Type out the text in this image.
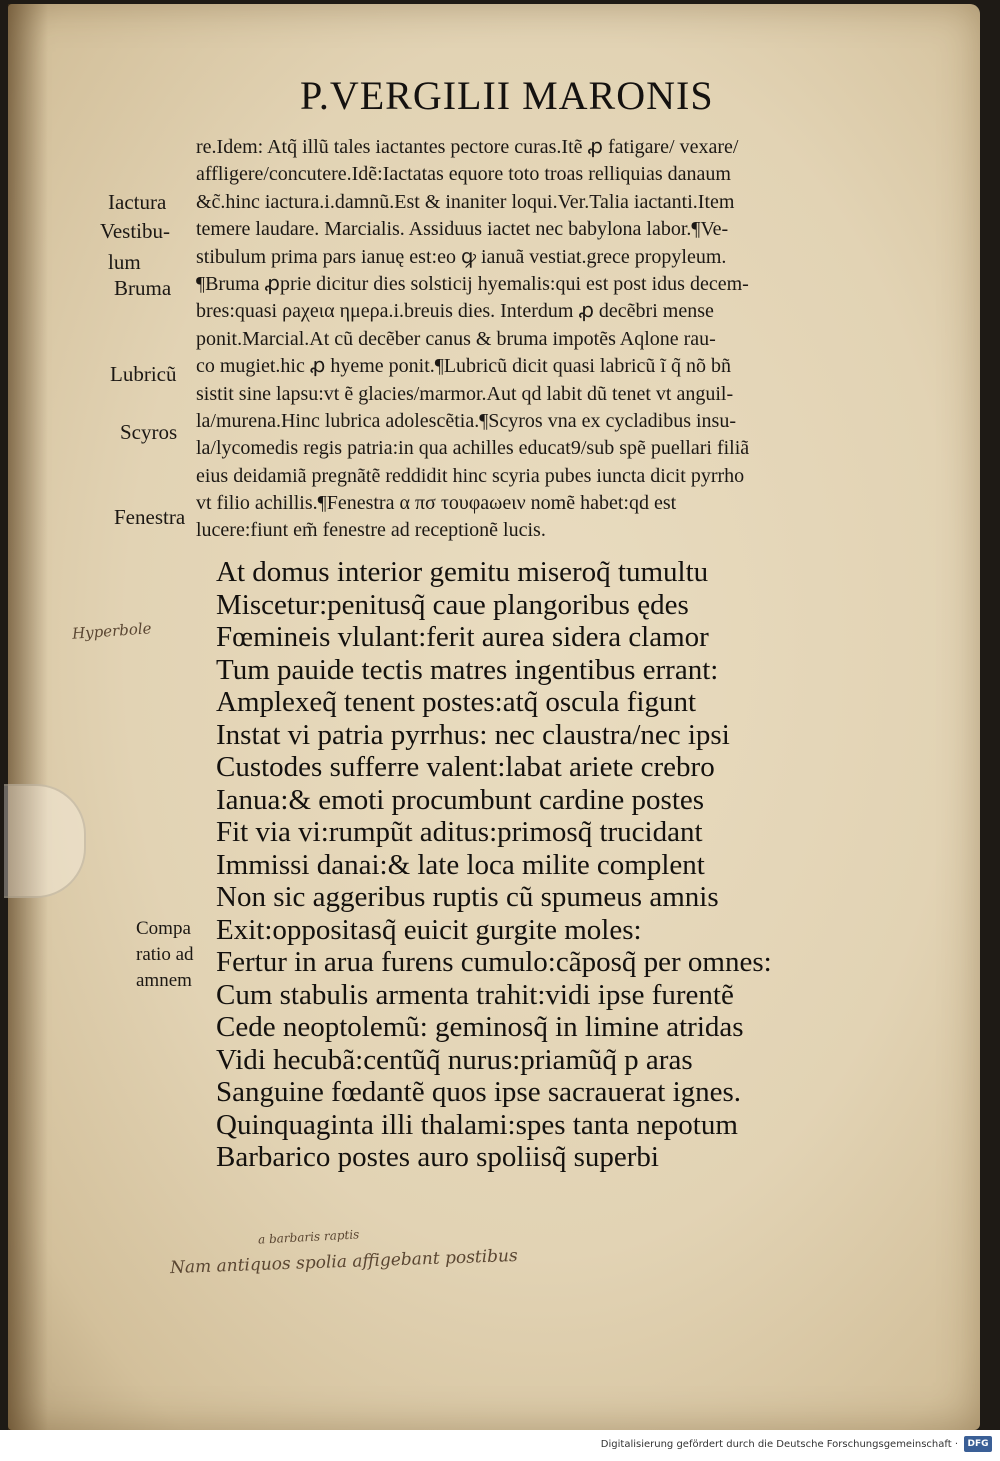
P.VERGILII MARONIS
re.Idem: Atq̃ illũ tales iactantes pectore curas.Itẽ ꝓ fatigare/ vexare/
affligere/concutere.Idẽ:Iactatas equore toto troas relliquias danaum
&c̃.hinc iactura.i.damnũ.Est & inaniter loqui.Ver.Talia iactanti.Item
temere laudare. Marcialis. Assiduus iactet nec babylona labor.¶Ve-
stibulum prima pars ianuę est:eo ꝙ ianuã vestiat.grece propyleum.
¶Bruma ꝓprie dicitur dies solsticij hyemalis:qui est post idus decem-
bres:quasi ρaχeια ημeρa.i.breuis dies. Interdum ꝓ decẽbri mense
ponit.Marcial.At cũ decẽber canus & bruma impotẽs Aqlone rau-
co mugiet.hic ꝓ hyeme ponit.¶Lubricũ dicit quasi labricũ ĩ q̃ nõ bñ
sistit sine lapsu:vt ẽ glacies/marmor.Aut qd labit dũ tenet vt anguil-
la/murena.Hinc lubrica adolescẽtia.¶Scyros vna ex cycladibus insu-
la/lycomedis regis patria:in qua achilles educat9/sub spẽ puellari filiã
eius deidamiã pregnãtẽ reddidit hinc scyria pubes iuncta dicit pyrrho
vt filio achillis.¶Fenestra α πσ τουφaωeιν nomẽ habet:qd est
lucere:fiunt em̃ fenestre ad receptionẽ lucis.
Iactura
Vestibu-
lum
Bruma
Lubricũ
Scyros
Fenestra
At domus interior gemitu miseroq̃ tumultu
Miscetur:penitusq̃ caue plangoribus ędes
Fœmineis vlulant:ferit aurea sidera clamor
Tum pauide tectis matres ingentibus errant:
Amplexeq̃ tenent postes:atq̃ oscula figunt
Instat vi patria pyrrhus: nec claustra/nec ipsi
Custodes sufferre valent:labat ariete crebro
Ianua:& emoti procumbunt cardine postes
Fit via vi:rumpũt aditus:primosq̃ trucidant
Immissi danai:& late loca milite complent
Non sic aggeribus ruptis cũ spumeus amnis
Exit:oppositasq̃ euicit gurgite moles:
Fertur in arua furens cumulo:cãposq̃ per omnes:
Cum stabulis armenta trahit:vidi ipse furentẽ
Cede neoptolemũ: geminosq̃ in limine atridas
Vidi hecubã:centũq̃ nurus:priamũq̃ p aras
Sanguine fœdantẽ quos ipse sacrauerat ignes.
Quinquaginta illi thalami:spes tanta nepotum
Barbarico postes auro spoliisq̃ superbi
Compa
ratio ad
amnem
Hyperbole
a barbaris raptis
Nam antiquos spolia affigebant postibus
Digitalisierung gefördert durch die Deutsche Forschungsgemeinschaft ·	DFG
